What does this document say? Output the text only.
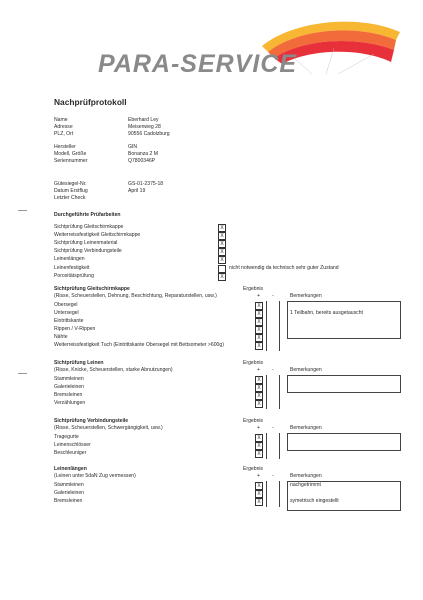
PARA-SERVICE
Nachprüfprotokoll
Name	Eberhard Ley
Adresse	Meisenweg 28
PLZ, Ort	90556 Cadolzburg
Hersteller	GIN
Modell, Größe	Bonanza 2 M
Seriennummer	Q7800346P
Gütesiegel-Nr.	GS-01-2375-18
Datum Erstflug	April 19
Letzter Check
Durchgeführte Prüfarbeiten
Sichtprüfung Gleitschirmkappe	X
Weiterreissfestigkeit Gleitschirmkappe	X
Sichtprüfung Leinenmaterial	X
Sichtprüfung Verbindungsteile	X
Leinenlängen	X
Leinenfestigkeit	nicht notwendig da technisch sehr guter Zustand
Porositätsprüfung	X
Sichtprüfung Gleitschirmkappe
(Risse, Scheuerstellen, Dehnung, Beschichtung, Reparaturstellen, usw.)
Ergebnis
+ -	Bemerkungen
Obersegel	X
Untersegel	X	1 Teilbahn, bereits ausgetauscht
Eintrittskante	X
Rippen / V-Rippen	X
Nähte	X
Weiterreissfestigkeit Tuch (Eintrittskante Obersegel mit Bettsometer >600g)	X
Sichtprüfung Leinen
(Risse, Knicke, Scheuerstellen, starke Abnutzungen)
Ergebnis
+ -	Bemerkungen
Stammleinen	X
Galerieleinen	X
Bremsleinen	X
Verzählungen	X
Sichtprüfung Verbindungsteile
(Risse, Scheuerstellen, Schwergängigkeit, usw.)
Ergebnis
+ -	Bemerkungen
Tragegurte	X
Leinenschlösser	X
Beschleuniger	X
Leinenlängen
(Leinen unter 5daN Zug vermessen)
Ergebnis
+ -	Bemerkungen
Stammleinen	X	nachgetrimmt
Galerieleinen	X
Bremsleinen	X	symetrisch eingestellt
